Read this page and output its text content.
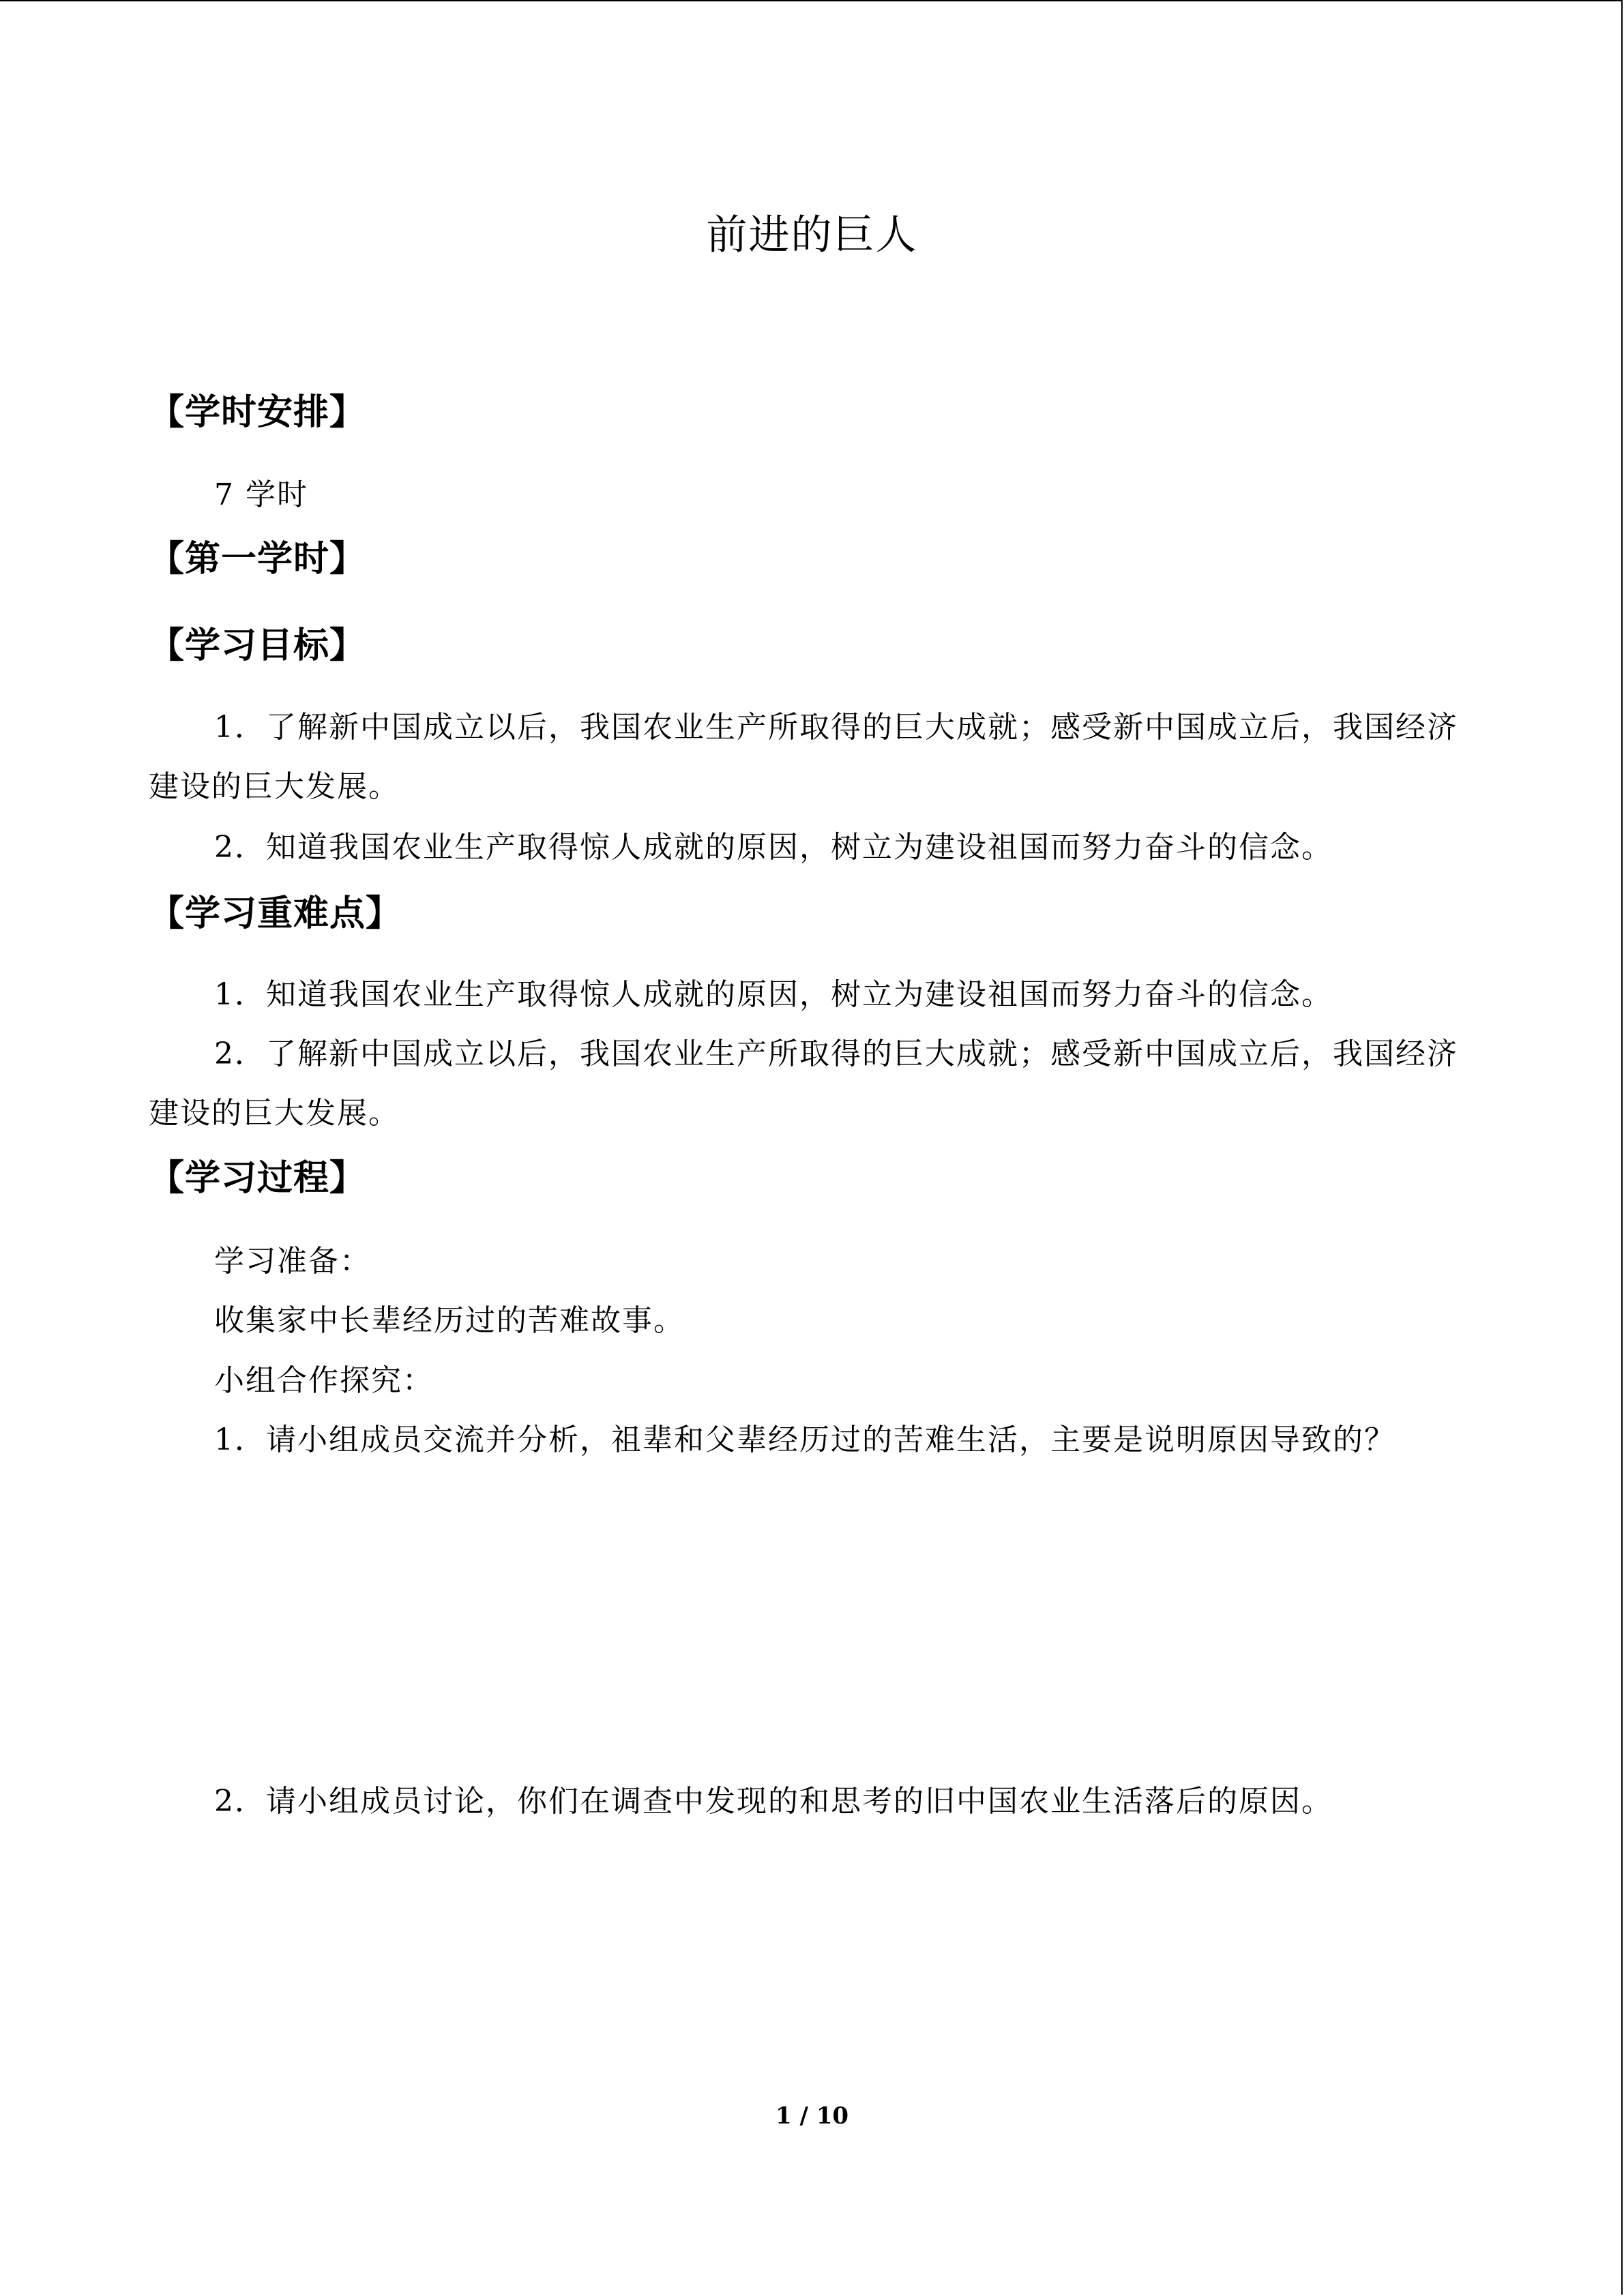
前进的巨人
【学时安排】
7 学时
【第一学时】
【学习目标】
1．了解新中国成立以后，我国农业生产所取得的巨大成就；感受新中国成立后，我国经济建设的巨大发展。
2．知道我国农业生产取得惊人成就的原因，树立为建设祖国而努力奋斗的信念。
【学习重难点】
1．知道我国农业生产取得惊人成就的原因，树立为建设祖国而努力奋斗的信念。
2．了解新中国成立以后，我国农业生产所取得的巨大成就；感受新中国成立后，我国经济建设的巨大发展。
【学习过程】
学习准备：
收集家中长辈经历过的苦难故事。
小组合作探究：
1．请小组成员交流并分析，祖辈和父辈经历过的苦难生活，主要是说明原因导致的？
2．请小组成员讨论，你们在调查中发现的和思考的旧中国农业生活落后的原因。
1 / 10
